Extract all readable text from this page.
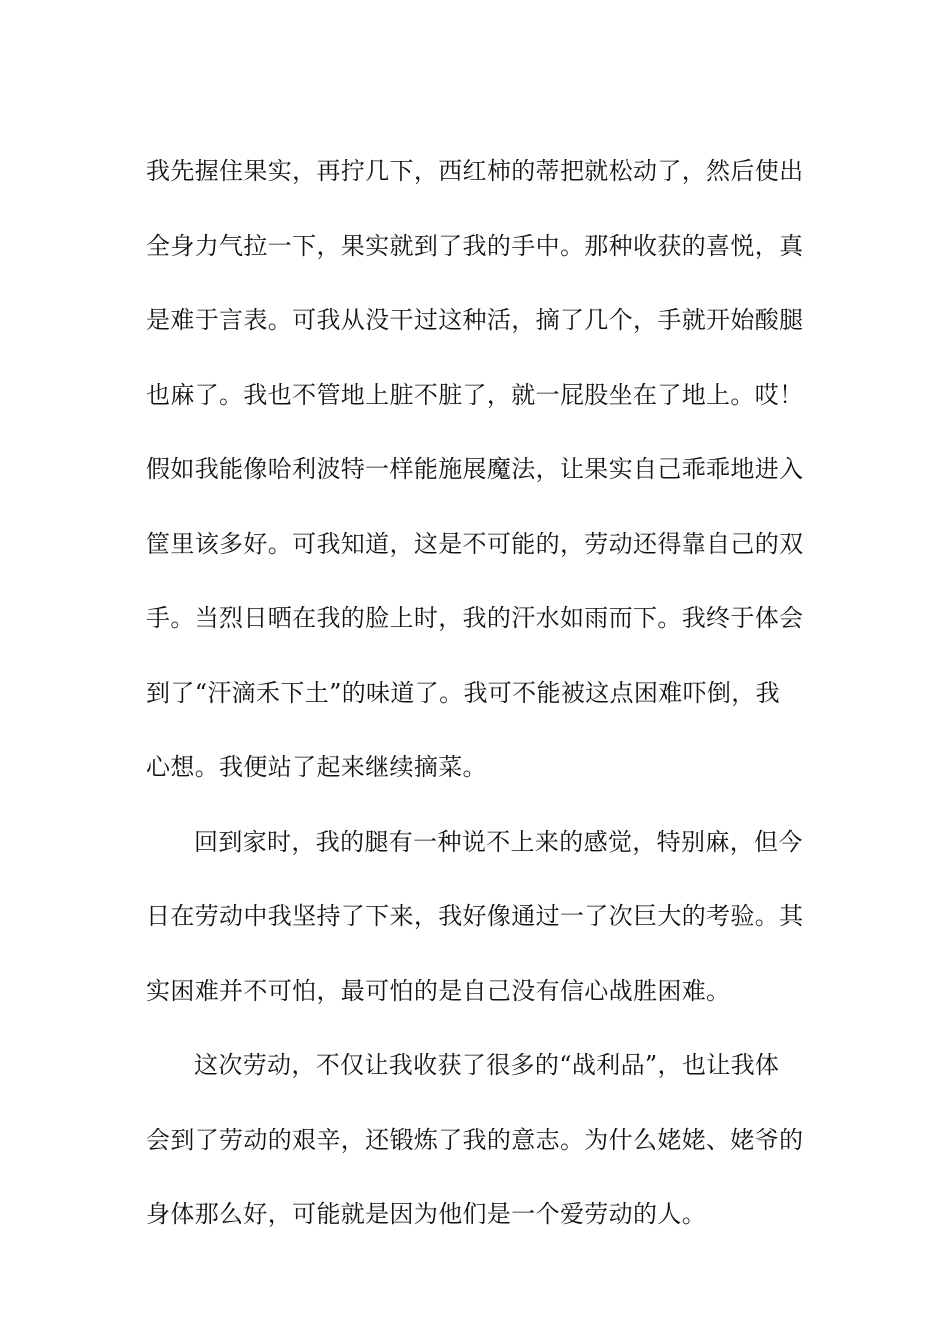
我先握住果实，再拧几下，西红柿的蒂把就松动了，然后使出
全身力气拉一下，果实就到了我的手中。那种收获的喜悦，真
是难于言表。可我从没干过这种活，摘了几个，手就开始酸腿
也麻了。我也不管地上脏不脏了，就一屁股坐在了地上。哎！
假如我能像哈利波特一样能施展魔法，让果实自己乖乖地进入
筐里该多好。可我知道，这是不可能的，劳动还得靠自己的双
手。当烈日晒在我的脸上时，我的汗水如雨而下。我终于体会
到了“汗滴禾下土”的味道了。我可不能被这点困难吓倒，我
心想。我便站了起来继续摘菜。
回到家时，我的腿有一种说不上来的感觉，特别麻，但今
日在劳动中我坚持了下来，我好像通过一了次巨大的考验。其
实困难并不可怕，最可怕的是自己没有信心战胜困难。
这次劳动，不仅让我收获了很多的“战利品”，也让我体
会到了劳动的艰辛，还锻炼了我的意志。为什么姥姥、姥爷的
身体那么好，可能就是因为他们是一个爱劳动的人。
